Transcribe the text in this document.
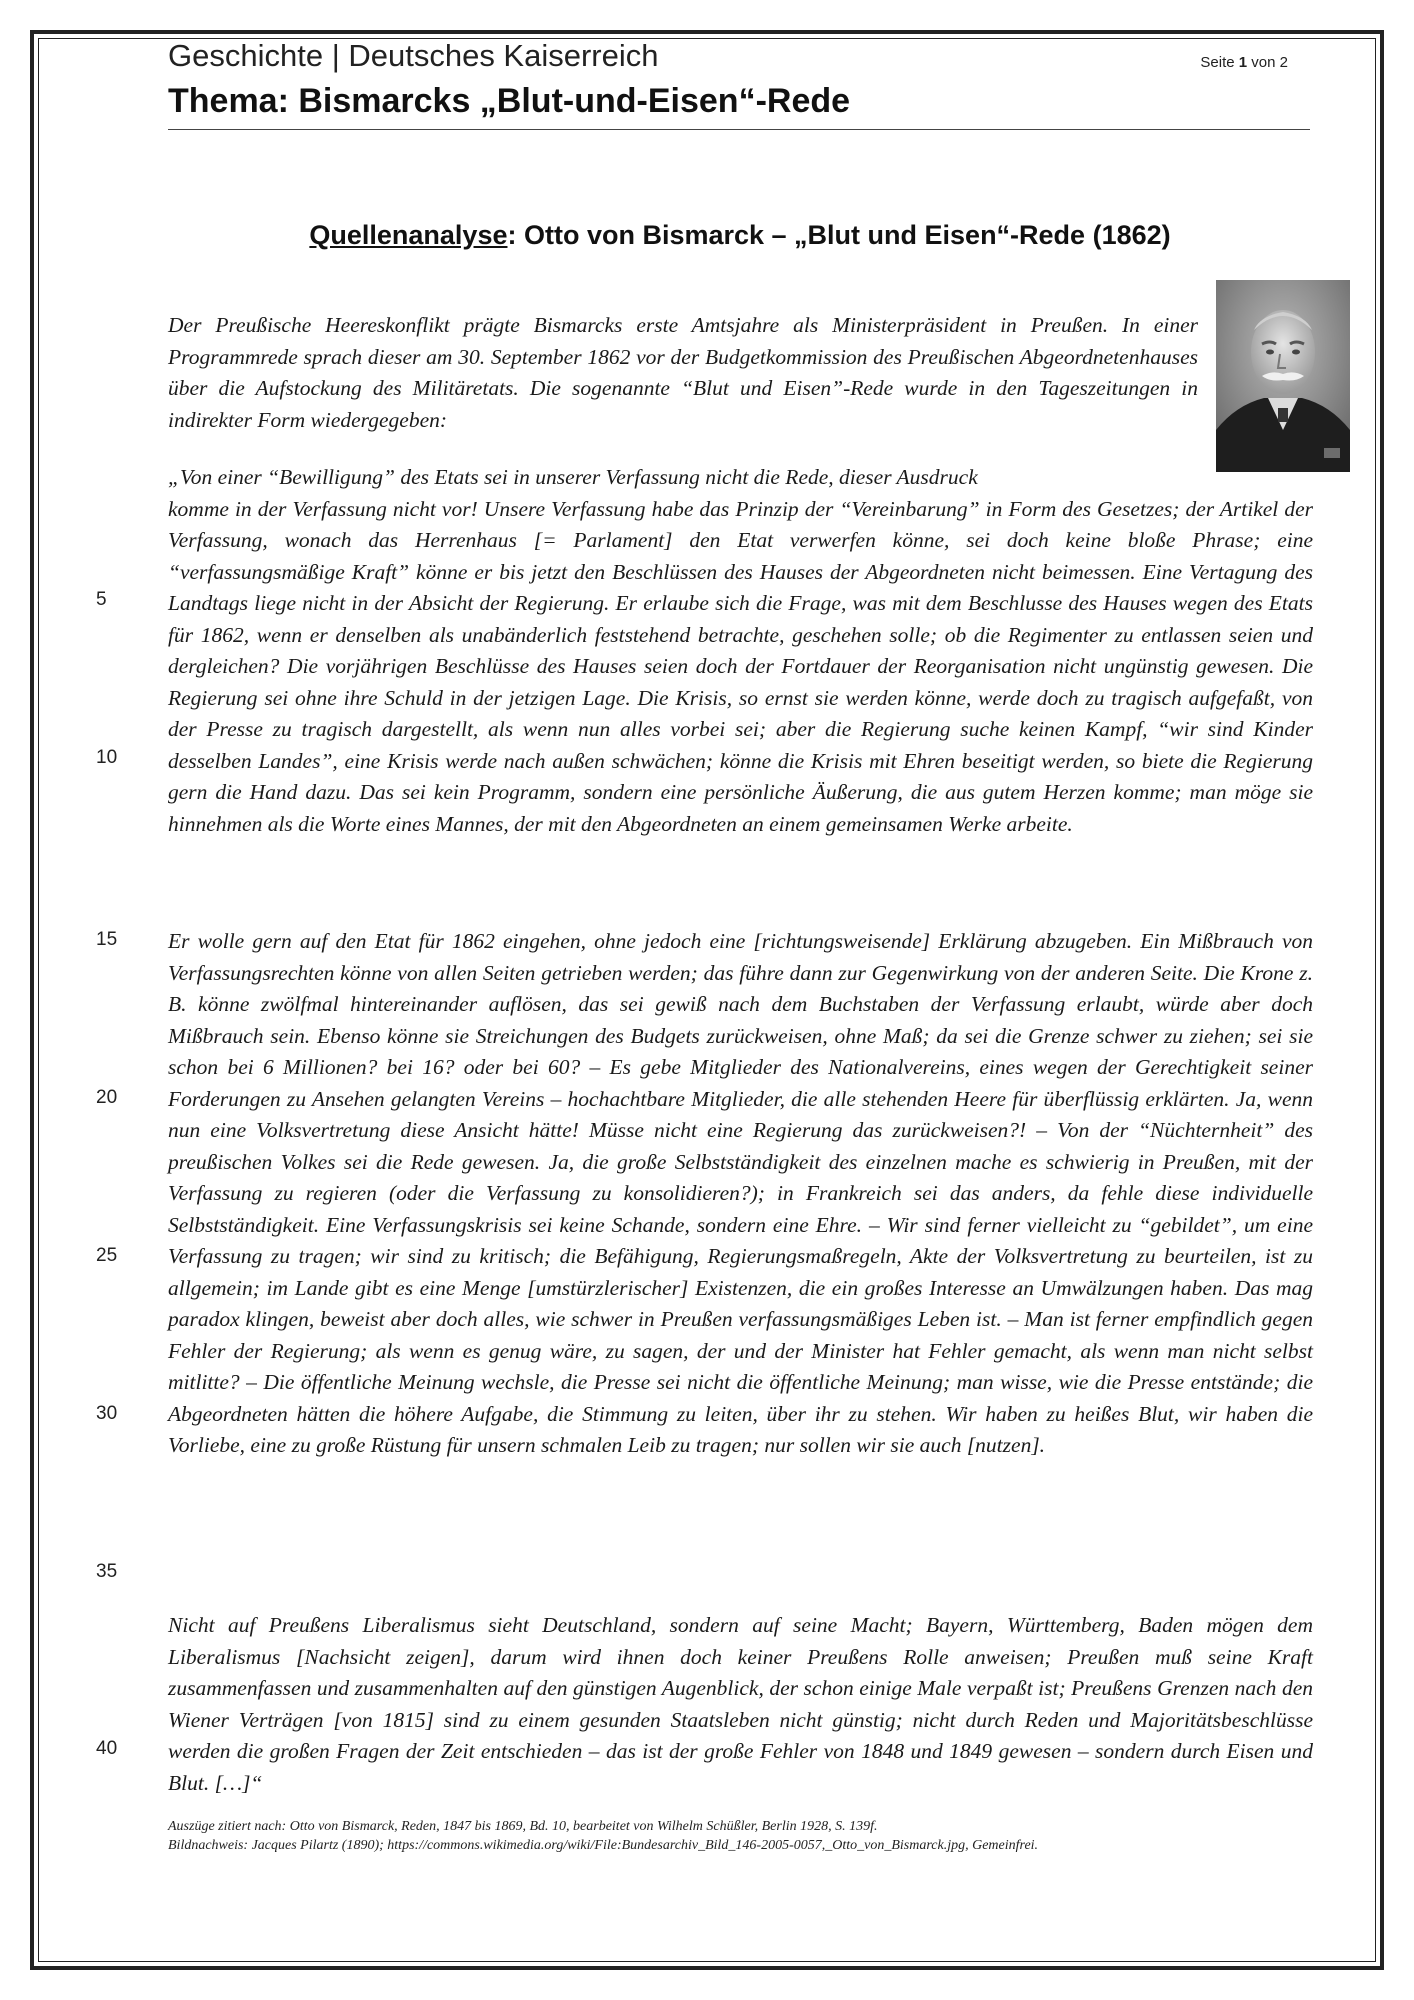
Geschichte | Deutsches Kaiserreich	Seite 1 von 2
Thema: Bismarcks „Blut-und-Eisen“-Rede
Quellenanalyse: Otto von Bismarck – „Blut und Eisen“-Rede (1862)
Der Preußische Heereskonflikt prägte Bismarcks erste Amtsjahre als Ministerpräsident in Preußen. In einer Programmrede sprach dieser am 30. September 1862 vor der Budgetkommission des Preußischen Abgeordnetenhauses über die Aufstockung des Militäretats. Die sogenannte “Blut und Eisen”-Rede wurde in den Tageszeitungen in indirekter Form wiedergegeben:
„Von einer “Bewilligung” des Etats sei in unserer Verfassung nicht die Rede, dieser Ausdruck
komme in der Verfassung nicht vor! Unsere Verfassung habe das Prinzip der “Vereinbarung” in Form des Gesetzes; der Artikel der Verfassung, wonach das Herrenhaus [= Parlament] den Etat verwerfen könne, sei doch keine bloße Phrase; eine “verfassungsmäßige Kraft” könne er bis jetzt den Beschlüssen des Hauses der Abgeordneten nicht beimessen. Eine Vertagung des Landtags liege nicht in der Absicht der Regierung. Er erlaube sich die Frage, was mit dem Beschlusse des Hauses wegen des Etats für 1862, wenn er denselben als unabänderlich feststehend betrachte, geschehen solle; ob die Regimenter zu entlassen seien und dergleichen? Die vorjährigen Beschlüsse des Hauses seien doch der Fortdauer der Reorganisation nicht ungünstig gewesen. Die Regierung sei ohne ihre Schuld in der jetzigen Lage. Die Krisis, so ernst sie werden könne, werde doch zu tragisch aufgefaßt, von der Presse zu tragisch dargestellt, als wenn nun alles vorbei sei; aber die Regierung suche keinen Kampf, “wir sind Kinder desselben Landes”, eine Krisis werde nach außen schwächen; könne die Krisis mit Ehren beseitigt werden, so biete die Regierung gern die Hand dazu. Das sei kein Programm, sondern eine persönliche Äußerung, die aus gutem Herzen komme; man möge sie hinnehmen als die Worte eines Mannes, der mit den Abgeordneten an einem gemeinsamen Werke arbeite.
Er wolle gern auf den Etat für 1862 eingehen, ohne jedoch eine [richtungsweisende] Erklärung abzugeben. Ein Mißbrauch von Verfassungsrechten könne von allen Seiten getrieben werden; das führe dann zur Gegenwirkung von der anderen Seite. Die Krone z. B. könne zwölfmal hintereinander auflösen, das sei gewiß nach dem Buchstaben der Verfassung erlaubt, würde aber doch Mißbrauch sein. Ebenso könne sie Streichungen des Budgets zurückweisen, ohne Maß; da sei die Grenze schwer zu ziehen; sei sie schon bei 6 Millionen? bei 16? oder bei 60? – Es gebe Mitglieder des Nationalvereins, eines wegen der Gerechtigkeit seiner Forderungen zu Ansehen gelangten Vereins – hochachtbare Mitglieder, die alle stehenden Heere für überflüssig erklärten. Ja, wenn nun eine Volksvertretung diese Ansicht hätte! Müsse nicht eine Regierung das zurückweisen?! – Von der “Nüchternheit” des preußischen Volkes sei die Rede gewesen. Ja, die große Selbstständigkeit des einzelnen mache es schwierig in Preußen, mit der Verfassung zu regieren (oder die Verfassung zu konsolidieren?); in Frankreich sei das anders, da fehle diese individuelle Selbstständigkeit. Eine Verfassungskrisis sei keine Schande, sondern eine Ehre. – Wir sind ferner vielleicht zu “gebildet”, um eine Verfassung zu tragen; wir sind zu kritisch; die Befähigung, Regierungsmaßregeln, Akte der Volksvertretung zu beurteilen, ist zu allgemein; im Lande gibt es eine Menge [umstürzlerischer] Existenzen, die ein großes Interesse an Umwälzungen haben. Das mag paradox klingen, beweist aber doch alles, wie schwer in Preußen verfassungsmäßiges Leben ist. – Man ist ferner empfindlich gegen Fehler der Regierung; als wenn es genug wäre, zu sagen, der und der Minister hat Fehler gemacht, als wenn man nicht selbst mitlitte? – Die öffentliche Meinung wechsle, die Presse sei nicht die öffentliche Meinung; man wisse, wie die Presse entstände; die Abgeordneten hätten die höhere Aufgabe, die Stimmung zu leiten, über ihr zu stehen. Wir haben zu heißes Blut, wir haben die Vorliebe, eine zu große Rüstung für unsern schmalen Leib zu tragen; nur sollen wir sie auch [nutzen].
Nicht auf Preußens Liberalismus sieht Deutschland, sondern auf seine Macht; Bayern, Württemberg, Baden mögen dem Liberalismus [Nachsicht zeigen], darum wird ihnen doch keiner Preußens Rolle anweisen; Preußen muß seine Kraft zusammenfassen und zusammenhalten auf den günstigen Augenblick, der schon einige Male verpaßt ist; Preußens Grenzen nach den Wiener Verträgen [von 1815] sind zu einem gesunden Staatsleben nicht günstig; nicht durch Reden und Majoritätsbeschlüsse werden die großen Fragen der Zeit entschieden – das ist der große Fehler von 1848 und 1849 gewesen – sondern durch Eisen und Blut. […]“
5
10
15
20
25
30
35
40
Auszüge zitiert nach: Otto von Bismarck, Reden, 1847 bis 1869, Bd. 10, bearbeitet von Wilhelm Schüßler, Berlin 1928, S. 139f.
Bildnachweis: Jacques Pilartz (1890); https://commons.wikimedia.org/wiki/File:Bundesarchiv_Bild_146-2005-0057,_Otto_von_Bismarck.jpg, Gemeinfrei.
